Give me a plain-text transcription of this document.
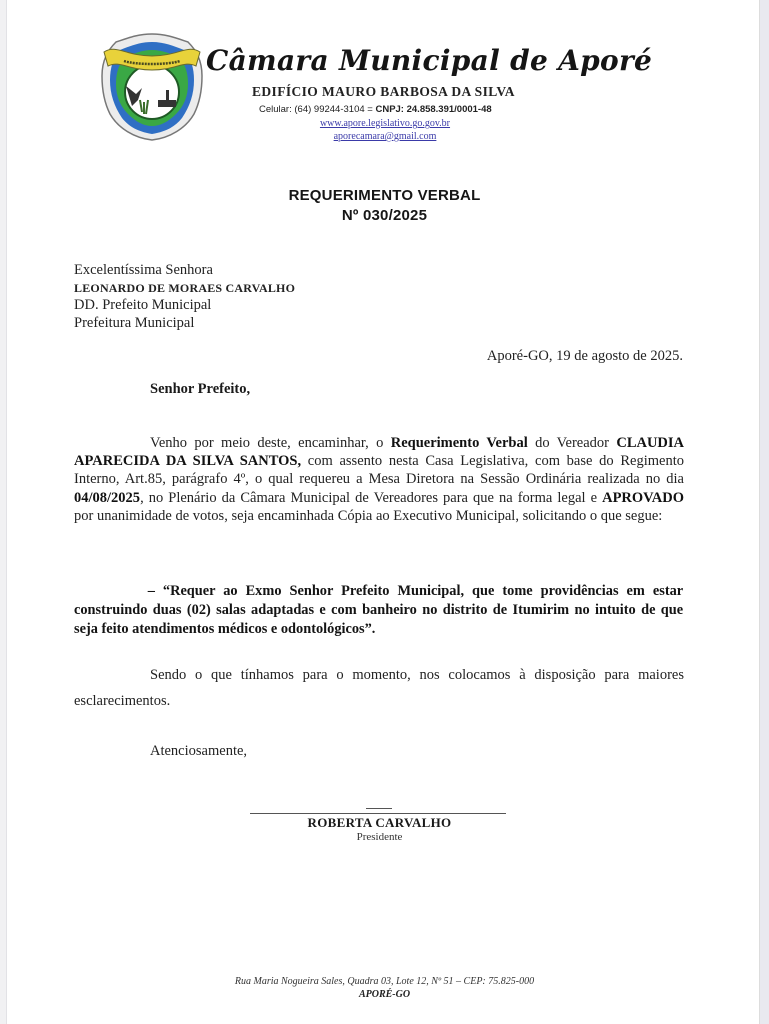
Câmara Municipal de Aporé
EDIFÍCIO MAURO BARBOSA DA SILVA
Celular: (64) 99244-3104 = CNPJ: 24.858.391/0001-48
www.apore.legislativo.go.gov.br
aporecamara@gmail.com
REQUERIMENTO VERBAL
Nº 030/2025
Excelentíssima Senhora
LEONARDO DE MORAES CARVALHO
DD. Prefeito Municipal
Prefeitura Municipal
Aporé-GO, 19 de agosto de 2025.
Senhor Prefeito,
Venho por meio deste, encaminhar, o Requerimento Verbal do Vereador CLAUDIA APARECIDA DA SILVA SANTOS, com assento nesta Casa Legislativa, com base do Regimento Interno, Art.85, parágrafo 4º, o qual requereu a Mesa Diretora na Sessão Ordinária realizada no dia 04/08/2025, no Plenário da Câmara Municipal de Vereadores para que na forma legal e APROVADO por unanimidade de votos, seja encaminhada Cópia ao Executivo Municipal, solicitando o que segue:
– “Requer ao Exmo Senhor Prefeito Municipal, que tome providências em estar construindo duas (02) salas adaptadas e com banheiro no distrito de Itumirim no intuito de que seja feito atendimentos médicos e odontológicos”.
Sendo o que tínhamos para o momento, nos colocamos à disposição para maiores esclarecimentos.
Atenciosamente,
ROBERTA CARVALHO
Presidente
Rua Maria Nogueira Sales, Quadra 03, Lote 12, Nº 51 – CEP: 75.825-000
APORÉ-GO
